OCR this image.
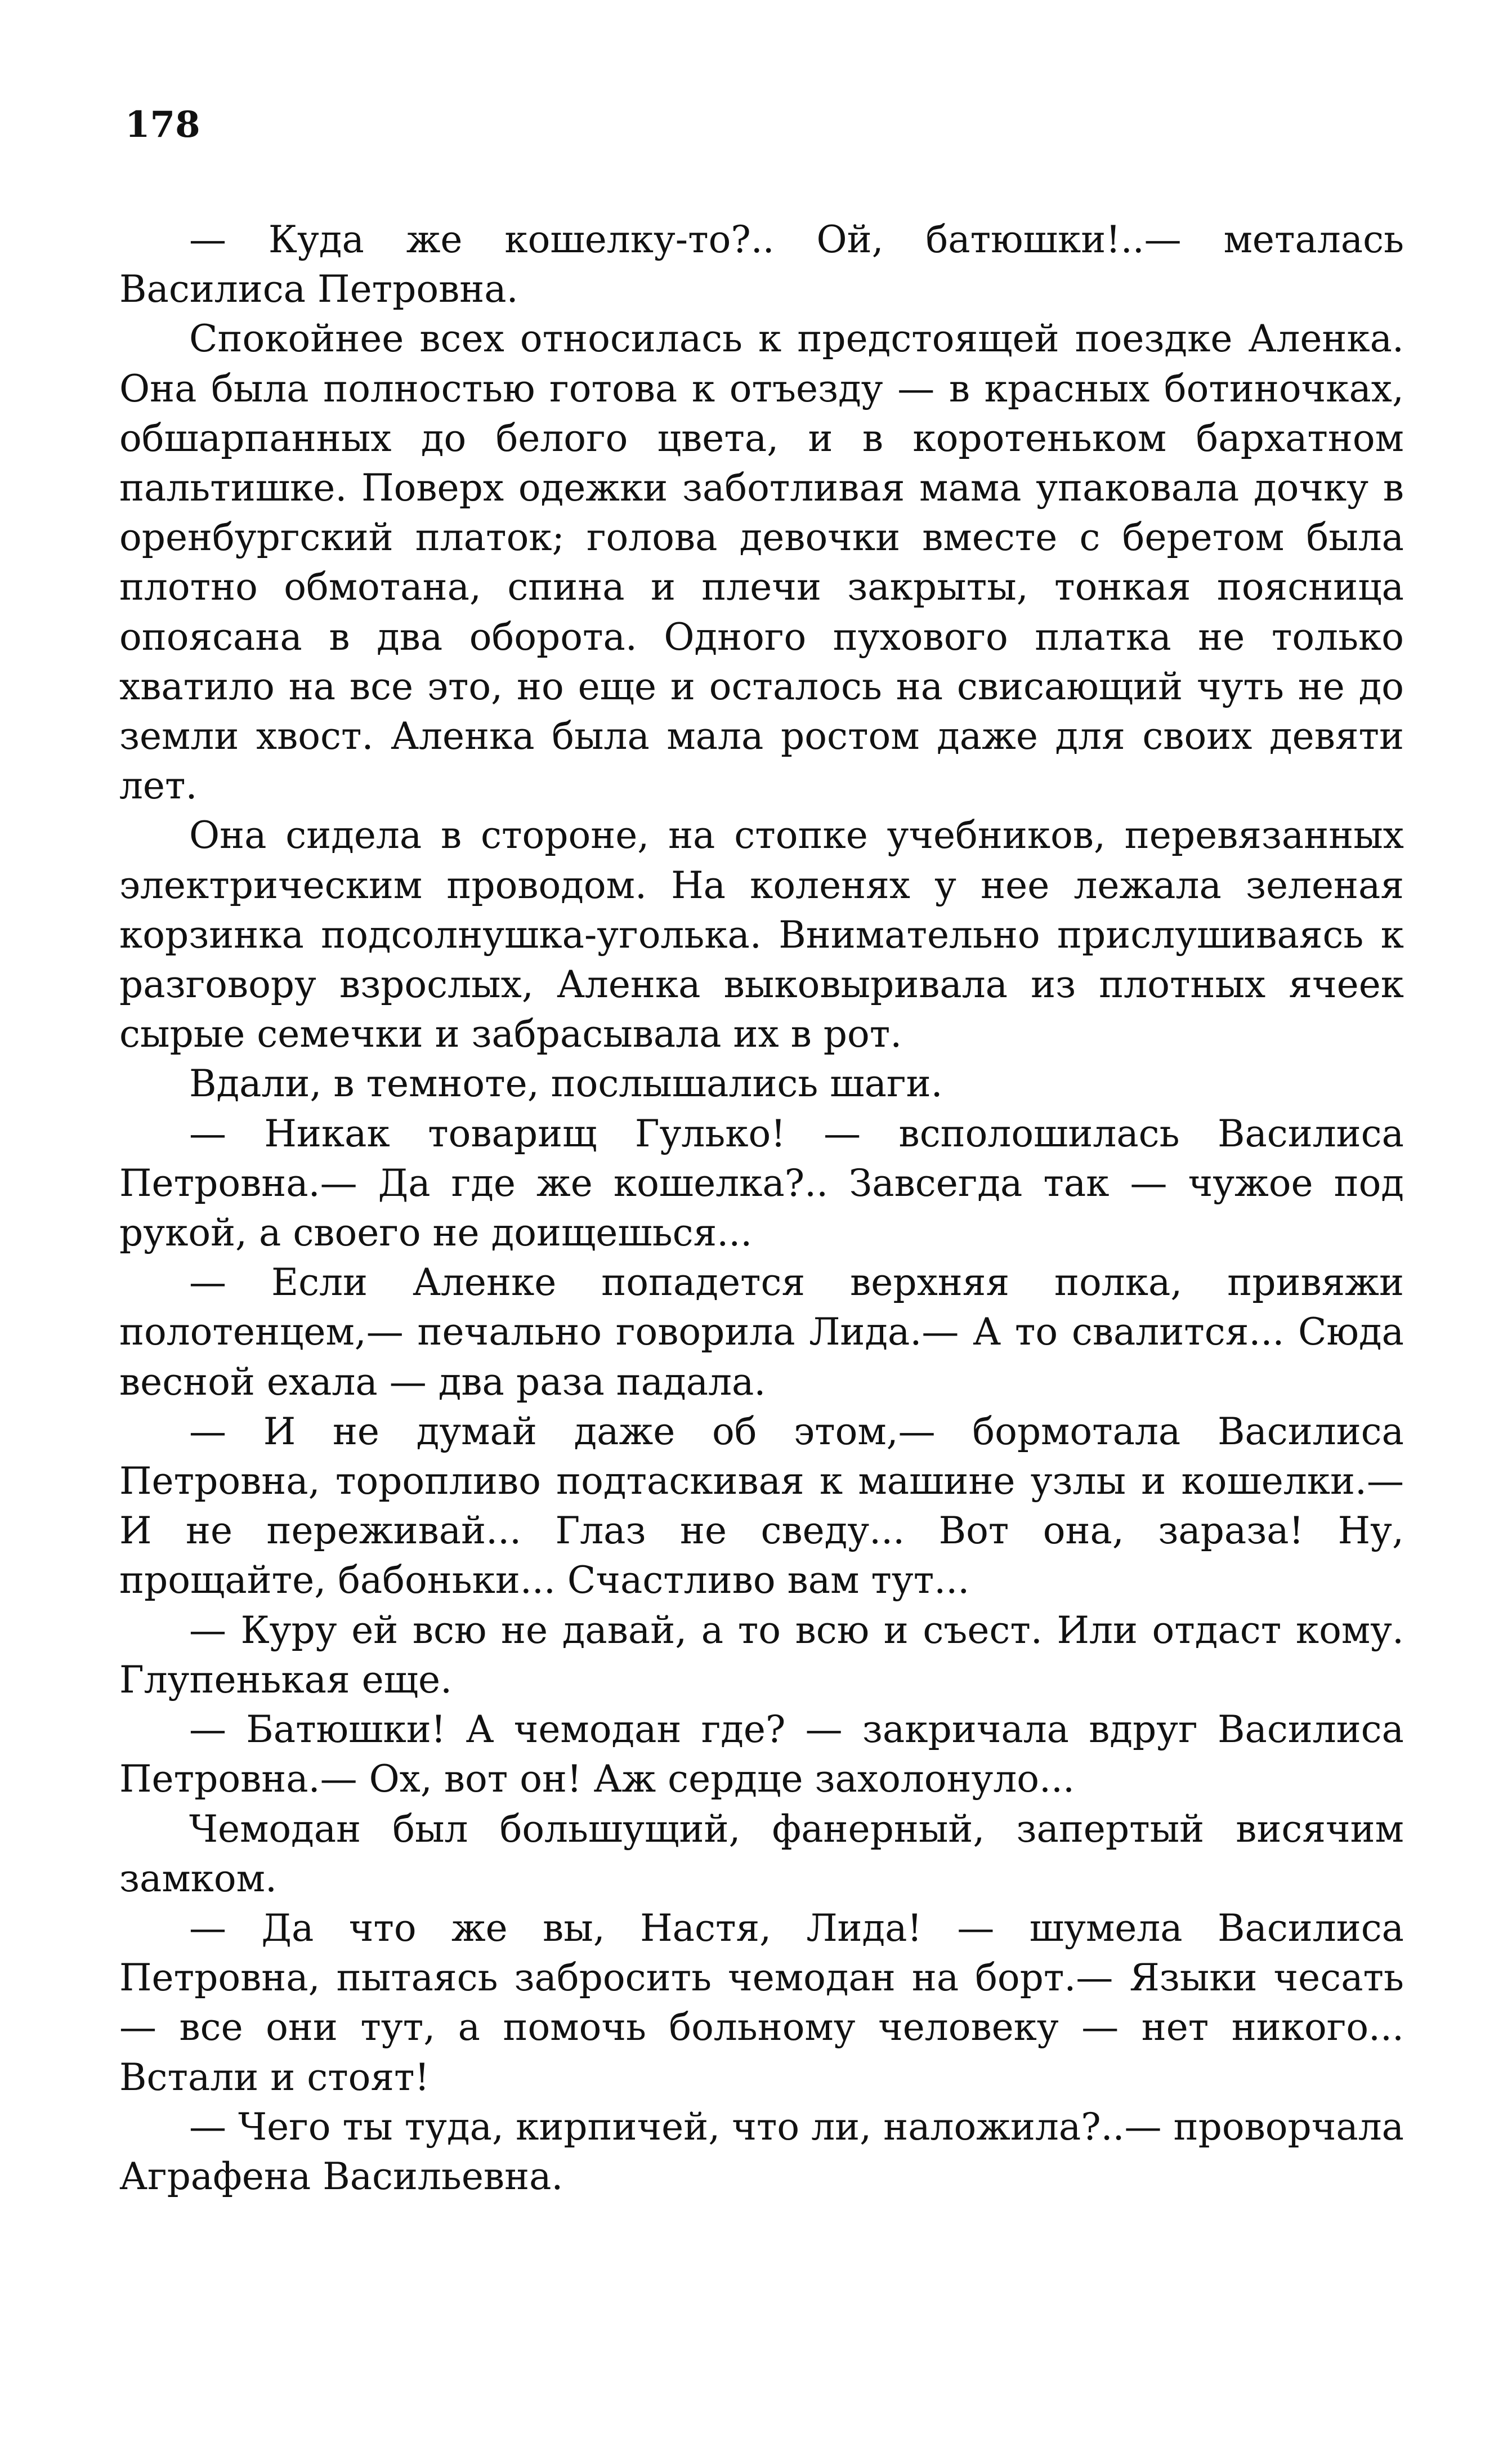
178

— Куда же кошелку-то?.. Ой, батюшки!..— металась Василиса Петровна.

Спокойнее всех относилась к предстоящей поездке Аленка. Она была полностью готова к отъезду — в красных ботиночках, обшарпанных до белого цвета, и в коротеньком бархатном пальтишке. Поверх одежки заботливая мама упаковала дочку в оренбургский платок; голова девочки вместе с беретом была плотно обмотана, спина и плечи закрыты, тонкая поясница опоясана в два оборота. Одного пухового платка не только хватило на все это, но еще и осталось на свисающий чуть не до земли хвост. Аленка была мала ростом даже для своих девяти лет.

Она сидела в стороне, на стопке учебников, перевязанных электрическим проводом. На коленях у нее лежала зеленая корзинка подсолнушка-уголька. Внимательно прислушиваясь к разговору взрослых, Аленка выковыривала из плотных ячеек сырые семечки и забрасывала их в рот.

Вдали, в темноте, послышались шаги.

— Никак товарищ Гулько! — всполошилась Василиса Петровна.— Да где же кошелка?.. Завсегда так — чужое под рукой, а своего не доищешься...

— Если Аленке попадется верхняя полка, привяжи полотенцем,— печально говорила Лида.— А то свалится... Сюда весной ехала — два раза падала.

— И не думай даже об этом,— бормотала Василиса Петровна, торопливо подтаскивая к машине узлы и кошелки.— И не переживай... Глаз не сведу... Вот она, зараза! Ну, прощайте, бабоньки... Счастливо вам тут...

— Куру ей всю не давай, а то всю и съест. Или отдаст кому. Глупенькая еще.

— Батюшки! А чемодан где? — закричала вдруг Василиса Петровна.— Ох, вот он! Аж сердце захолонуло...

Чемодан был большущий, фанерный, запертый висячим замком.

— Да что же вы, Настя, Лида! — шумела Василиса Петровна, пытаясь забросить чемодан на борт.— Языки чесать — все они тут, а помочь больному человеку — нет никого... Встали и стоят!

— Чего ты туда, кирпичей, что ли, наложила?..— проворчала Аграфена Васильевна.
